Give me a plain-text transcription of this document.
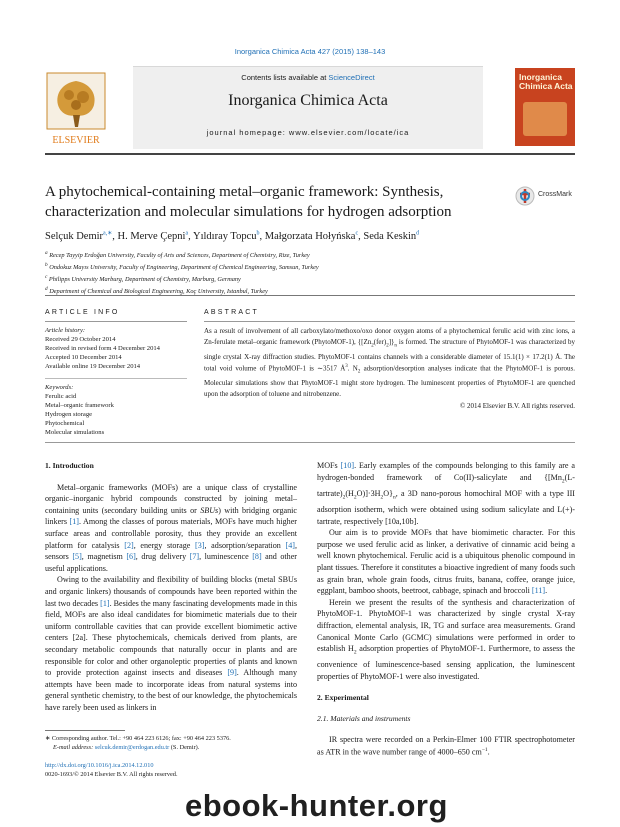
Inorganica Chimica Acta 427 (2015) 138–143
ELSEVIER
Contents lists available at ScienceDirect
Inorganica Chimica Acta
journal homepage: www.elsevier.com/locate/ica
Inorganica
Chimica Acta
A phytochemical-containing metal–organic framework: Synthesis, characterization and molecular simulations for hydrogen adsorption
CrossMark
Selçuk Demir$^{a,∗}$, H. Merve Çepni$^a$, Yıldıray Topcu$^b$, Małgorzata Hołyńska$^c$, Seda Keskin$^d$
$^a$ Recep Tayyip Erdoğan University, Faculty of Arts and Sciences, Department of Chemistry, Rize, Turkey
$^b$ Ondokuz Mayıs University, Faculty of Engineering, Department of Chemical Engineering, Samsun, Turkey
$^c$ Philipps University Marburg, Department of Chemistry, Marburg, Germany
$^d$ Department of Chemical and Biological Engineering, Koç University, Istanbul, Turkey
ARTICLE INFO	ABSTRACT
Article history:
Received 29 October 2014
Received in revised form 4 December 2014
Accepted 10 December 2014
Available online 19 December 2014
Keywords:
Ferulic acid
Metal–organic framework
Hydrogen storage
Phytochemical
Molecular simulations

As a result of involvement of all carboxylato/methoxo/oxo donor oxygen atoms of a phytochemical ferulic acid with zinc ions, a Zn-ferulate metal–organic framework (PhytoMOF-1), $\{[Zn_2(fer)_2]\}_n$ is formed. The structure of PhytoMOF-1 was characterized by single crystal X-ray diffraction studies. PhytoMOF-1 contains channels with a considerable diameter of 15.1(1) × 17.2(1) Å. The total void volume of PhytoMOF-1 is ∼3517 $Å^3$. $N_2$ adsorption/desorption analyses indicate that the PhytoMOF-1 is porous. Molecular simulations show that PhytoMOF-1 might store hydrogen. The luminescent properties of PhytoMOF-1 are quenched upon the adsorption of toluene and nitrobenzene.

© 2014 Elsevier B.V. All rights reserved.

1. Introduction

Metal–organic frameworks (MOFs) are a unique class of crystalline organic–inorganic hybrid compounds constructed by joining metal–containing units (secondary building units or SBUs) with bridging organic linkers [1]. Among the classes of porous materials, MOFs have much higher surface areas and controllable porosity, thus they provide an excellent platform for catalysis [2], energy storage [3], adsorption/separation [4], sensors [5], magnetism [6], drug delivery [7], luminescence [8] and other useful applications.

Owing to the availability and flexibility of building blocks (metal SBUs and organic linkers) thousands of compounds have been reported within the last two decades [1]. Besides the many fascinating developments made in this field, MOFs are also ideal candidates for biomimetic materials due to their uniform controllable cavities that can provide excellent biomimetic active centers [2a]. These phytochemicals, chemicals derived from plants, are secondary metabolic compounds that naturally occur in plants and are responsible for color and other organoleptic properties of plants and known to provide protection against insects and diseases [9]. Although many attempts have been made to incorporate ideas from natural systems into general synthetic chemistry, to the best of our knowledge, the phytochemicals have rarely been used as linkers in

MOFs [10]. Early examples of the compounds belonging to this family are a hydrogen-bonded framework of Co(II)-salicylate and $\{[Mn_2(L-tartrate)_2(H_2O)]\cdot 3H_2O\}_n$, a 3D nano-porous homochiral MOF with a type III adsorption isotherm, which were obtained using sodium salicylate and L(+)-tartrate, respectively [10a,10b].

Our aim is to provide MOFs that have biomimetic character. For this purpose we used ferulic acid as linker, a derivative of cinnamic acid being a well known phytochemical. Ferulic acid is a ubiquitous phenolic compound in plant tissues. Therefore it constitutes a bioactive ingredient of many foods such as grain bran, whole grain foods, citrus fruits, banana, coffee, orange juice, eggplant, bamboo shoots, beetroot, cabbage, spinach and broccoli [11].

Herein we present the results of the synthesis and characterization of PhytoMOF-1. PhytoMOF-1 was characterized by single crystal X-ray diffraction, elemental analysis, IR, TG and surface area measurements. Grand Canonical Monte Carlo (GCMC) simulations were performed in order to establish $H_2$ adsorption properties of PhytoMOF-1. Furthermore, to assess the convenience of luminescence-based sensing application, the luminescent properties of PhytoMOF-1 were also investigated.

2. Experimental
2.1. Materials and instruments

IR spectra were recorded on a Perkin-Elmer 100 FTIR spectrophotometer as ATR in the wave number range of 4000–650 $cm^{-1}$.

∗ Corresponding author. Tel.: +90 464 223 6126; fax: +90 464 223 5376.
E-mail address: selcuk.demir@erdogan.edu.tr (S. Demir).
http://dx.doi.org/10.1016/j.ica.2014.12.010
0020-1693/© 2014 Elsevier B.V. All rights reserved.
ebook-hunter.org
